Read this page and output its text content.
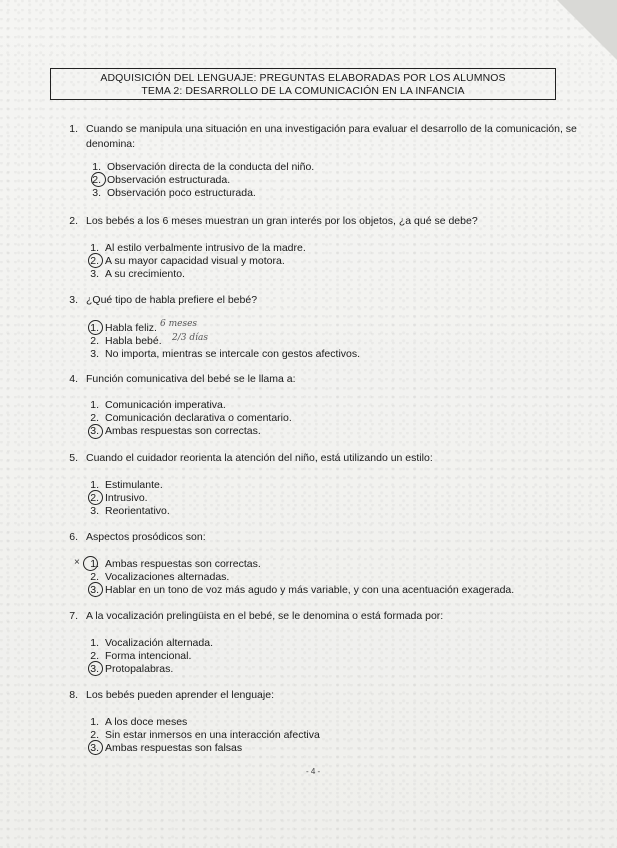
ADQUISICIÓN DEL LENGUAJE: PREGUNTAS ELABORADAS POR LOS ALUMNOS
TEMA 2: DESARROLLO DE LA COMUNICACIÓN EN LA INFANCIA
1. Cuando se manipula una situación en una investigación para evaluar el desarrollo de la comunicación, se
denomina:
1. Observación directa de la conducta del niño.
2. Observación estructurada.
3. Observación poco estructurada.
2. Los bebés a los 6 meses muestran un gran interés por los objetos, ¿a qué se debe?
1. Al estilo verbalmente intrusivo de la madre.
2. A su mayor capacidad visual y motora.
3. A su crecimiento.
3. ¿Qué tipo de habla prefiere el bebé?
1. Habla feliz.
2. Habla bebé.
3. No importa, mientras se intercale con gestos afectivos.
6 meses
2/3 días
4. Función comunicativa del bebé se le llama a:
1. Comunicación imperativa.
2. Comunicación declarativa o comentario.
3. Ambas respuestas son correctas.
5. Cuando el cuidador reorienta la atención del niño, está utilizando un estilo:
1. Estimulante.
2. Intrusivo.
3. Reorientativo.
6. Aspectos prosódicos son:
× 1. Ambas respuestas son correctas.
2. Vocalizaciones alternadas.
3. Hablar en un tono de voz más agudo y más variable, y con una acentuación exagerada.
7. A la vocalización prelingüista en el bebé, se le denomina o está formada por:
1. Vocalización alternada.
2. Forma intencional.
3. Protopalabras.
8. Los bebés pueden aprender el lenguaje:
1. A los doce meses
2. Sin estar inmersos en una interacción afectiva
3. Ambas respuestas son falsas
- 4 -
